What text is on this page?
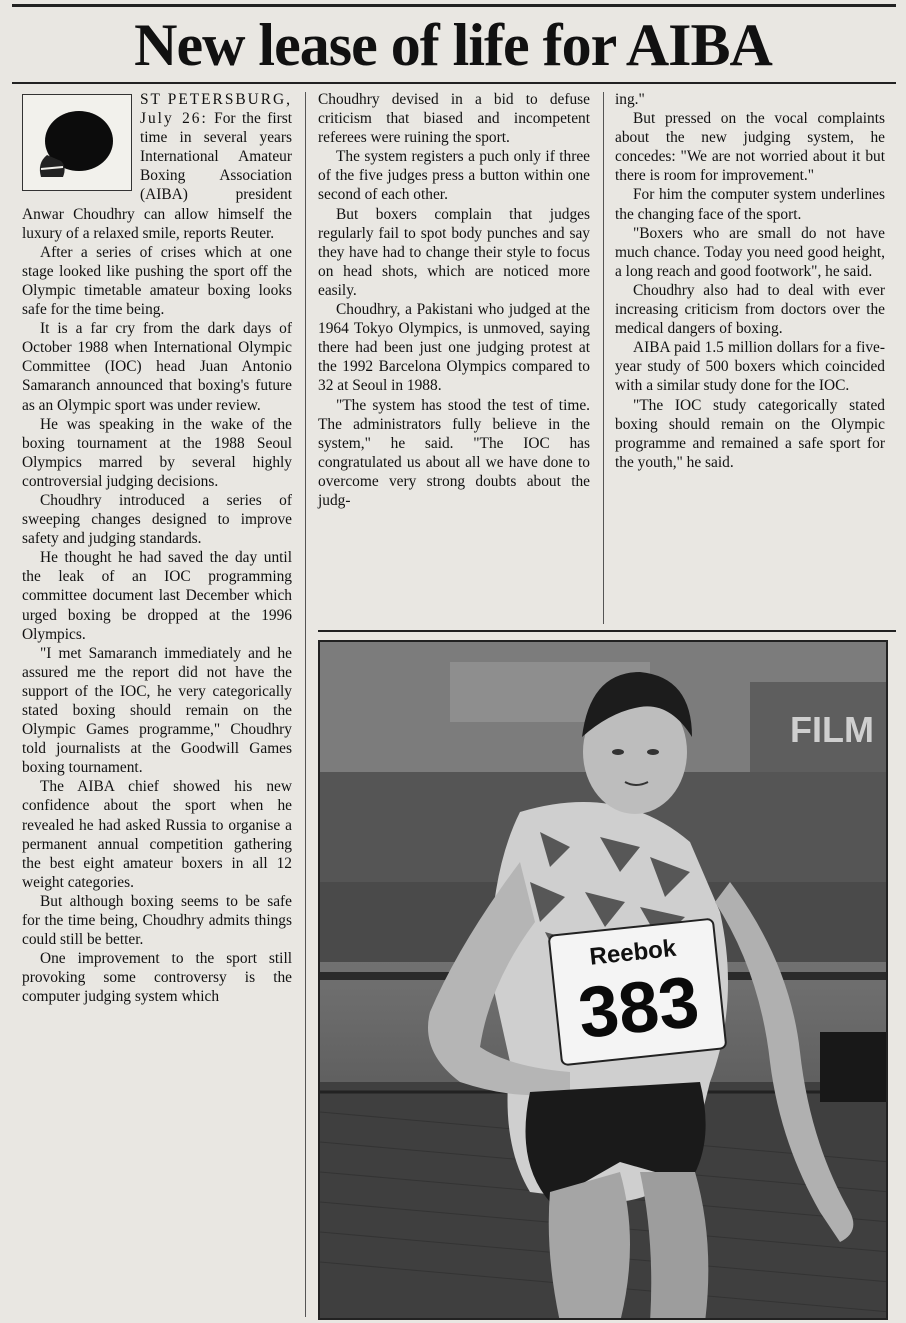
New lease of life for AIBA

ST PETERSBURG, July 26: For the first time in several years International Amateur Boxing Association (AIBA) president Anwar Choudhry can allow himself the luxury of a relaxed smile, reports Reuter.

After a series of crises which at one stage looked like pushing the sport off the Olympic timetable amateur boxing looks safe for the time being.

It is a far cry from the dark days of October 1988 when International Olympic Committee (IOC) head Juan Antonio Samaranch announced that boxing's future as an Olympic sport was under review.

He was speaking in the wake of the boxing tournament at the 1988 Seoul Olympics marred by several highly controversial judging decisions.

Choudhry introduced a series of sweeping changes designed to improve safety and judging standards.

He thought he had saved the day until the leak of an IOC programming committee document last December which urged boxing be dropped at the 1996 Olympics.

"I met Samaranch immediately and he assured me the report did not have the support of the IOC, he very categorically stated boxing should remain on the Olympic Games programme," Choudhry told journalists at the Goodwill Games boxing tournament.

The AIBA chief showed his new confidence about the sport when he revealed he had asked Russia to organise a permanent annual competition gathering the best eight amateur boxers in all 12 weight categories.

But although boxing seems to be safe for the time being, Choudhry admits things could still be better.

One improvement to the sport still provoking some controversy is the computer judging system which

Choudhry devised in a bid to defuse criticism that biased and incompetent referees were ruining the sport.

The system registers a puch only if three of the five judges press a button within one second of each other.

But boxers complain that judges regularly fail to spot body punches and say they have had to change their style to focus on head shots, which are noticed more easily.

Choudhry, a Pakistani who judged at the 1964 Tokyo Olympics, is unmoved, saying there had been just one judging protest at the 1992 Barcelona Olympics compared to 32 at Seoul in 1988.

"The system has stood the test of time. The administrators fully believe in the system," he said. "The IOC has congratulated us about all we have done to overcome very strong doubts about the judg-

ing."

But pressed on the vocal complaints about the new judging system, he concedes: "We are not worried about it but there is room for improvement."

For him the computer system underlines the changing face of the sport.

"Boxers who are small do not have much chance. Today you need good height, a long reach and good footwork", he said.

Choudhry also had to deal with ever increasing criticism from doctors over the medical dangers of boxing.

AIBA paid 1.5 million dollars for a five-year study of 500 boxers which coincided with a similar study done for the IOC.

"The IOC study categorically stated boxing should remain on the Olympic programme and remained a safe sport for the youth," he said.

FILM
Reebok
383
